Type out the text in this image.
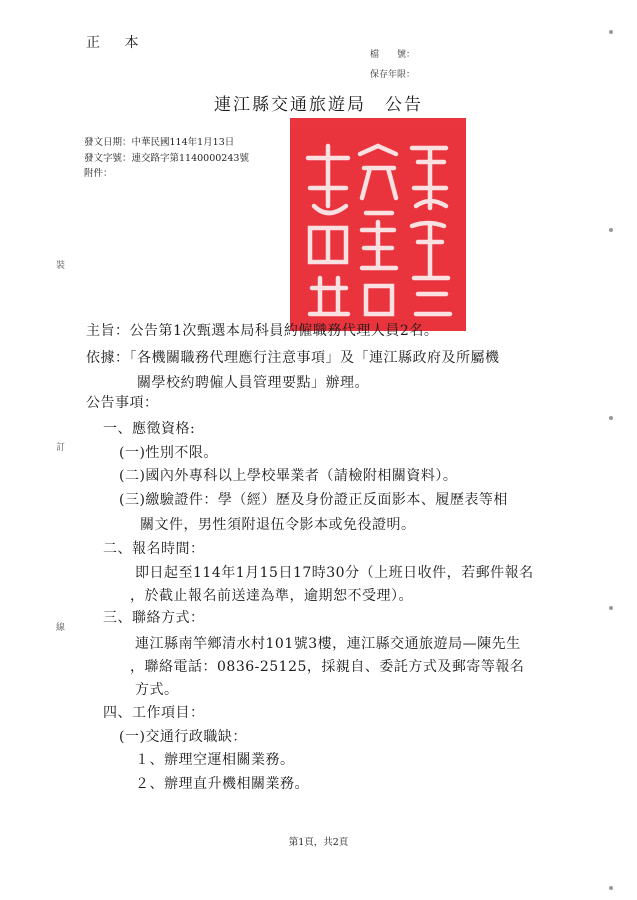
正 本
檔　　號：
保存年限：
連江縣交通旅遊局　公告
發文日期：中華民國114年1月13日
發文字號：連交路字第1140000243號
附件：
裝
訂
線
主旨：公告第1次甄選本局科員約僱職務代理人員2名。
依據：「各機關職務代理應行注意事項」及「連江縣政府及所屬機
關學校約聘僱人員管理要點」辦理。
公告事項：
一、應徵資格:
(一)性別不限。
(二)國內外專科以上學校畢業者（請檢附相關資料）。
(三)繳驗證件：學（經）歷及身份證正反面影本、履歷表等相
關文件，男性須附退伍令影本或免役證明。
二、報名時間：
即日起至114年1月15日17時30分（上班日收件，若郵件報名
，於截止報名前送達為準，逾期恕不受理）。
三、聯絡方式：
連江縣南竿鄉清水村101號3樓，連江縣交通旅遊局—陳先生
，聯絡電話：0836-25125，採親自、委託方式及郵寄等報名
方式。
四、工作項目：
(一)交通行政職缺：
１、辦理空運相關業務。
２、辦理直升機相關業務。
第1頁，共2頁
